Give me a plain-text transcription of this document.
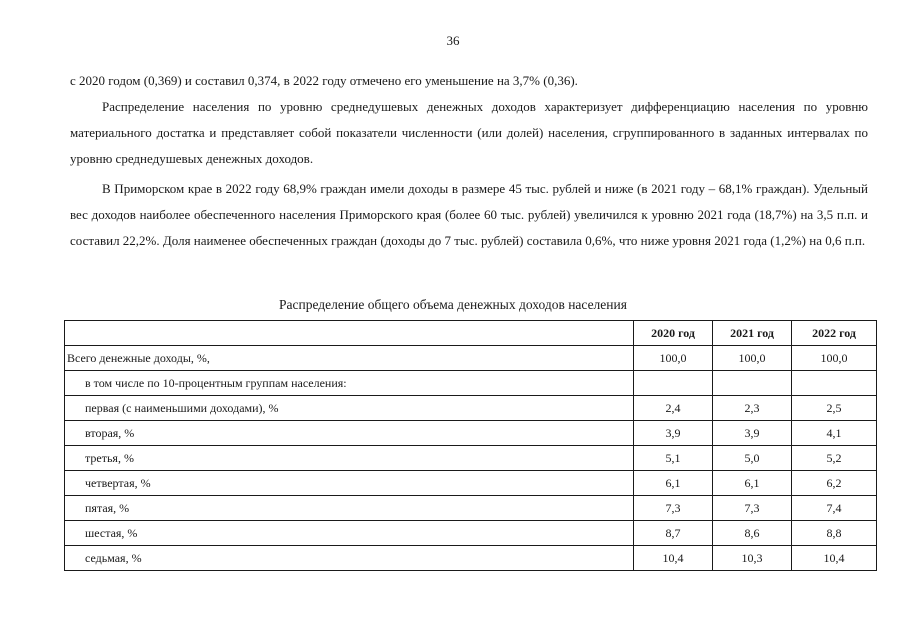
36

с 2020 годом (0,369) и составил 0,374, в 2022 году отмечено его уменьшение на 3,7% (0,36).

Распределение населения по уровню среднедушевых денежных доходов характеризует дифференциацию населения по уровню материального достатка и представляет собой показатели численности (или долей) населения, сгруппированного в заданных интервалах по уровню среднедушевых денежных доходов.

В Приморском крае в 2022 году 68,9% граждан имели доходы в размере 45 тыс. рублей и ниже (в 2021 году – 68,1% граждан). Удельный вес доходов наиболее обеспеченного населения Приморского края (более 60 тыс. рублей) увеличился к уровню 2021 года (18,7%) на 3,5 п.п. и составил 22,2%. Доля наименее обеспеченных граждан (доходы до 7 тыс. рублей) составила 0,6%, что ниже уровня 2021 года (1,2%) на 0,6 п.п.

Распределение общего объема денежных доходов населения
	2020 год	2021 год	2022 год
Всего денежные доходы, %,	100,0	100,0	100,0
в том числе по 10-процентным группам населения:			
первая (с наименьшими доходами), %	2,4	2,3	2,5
вторая, %	3,9	3,9	4,1
третья, %	5,1	5,0	5,2
четвертая, %	6,1	6,1	6,2
пятая, %	7,3	7,3	7,4
шестая, %	8,7	8,6	8,8
седьмая, %	10,4	10,3	10,4
